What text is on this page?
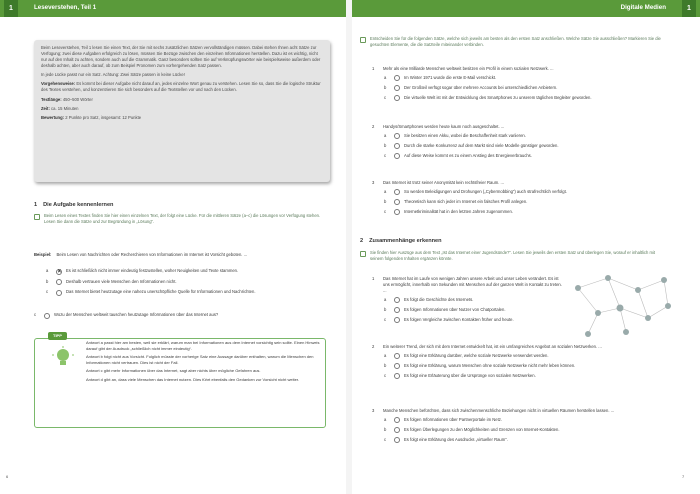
Leseverstehen, Teil 1
1	Digitale Medien	1

Beim Leseverstehen, Teil 1 lesen Sie einen Text, der Sie mit sechs zusätzlichen Sätzen vervollständigen müssen. Dabei stehen Ihnen acht Sätze zur Verfügung; zwei diese Aufgaben erfolgreich zu lösen, müssen Sie Bezüge zwischen den einzelnen Informationen herstellen. Dazu ist es wichtig, nicht nur auf den Inhalt zu achten, sondern auch auf die Grammatik. Ganz besonders sollten Sie auf Verknüpfungswörter wie beispielsweise außerdem oder deshalb achten, aber auch darauf, ob zum Beispiel Pronomen zum vorhergehenden Satz passen.

In jede Lücke passt nur ein Satz. Achtung: Zwei Sätze passen in keine Lücke!

Vorgehensweise: Es kommt bei dieser Aufgabe nicht darauf an, jedes einzelne Wort genau zu verstehen. Lesen Sie so, dass Sie die logische Struktur des Textes verstehen, und konzentrieren Sie sich besonders auf die Textstellen vor und nach den Lücken.

Textlänge: 450–500 Wörter

Zeit: ca. 15 Minuten

Bewertung: 2 Punkte pro Satz, insgesamt: 12 Punkte

1 Die Aufgabe kennenlernen
Beim Lesen eines Textes finden Sie hier einen einzelnen Text, der folgt eine Lücke. Für die mittleren Sätze (a–c) die Lösungen vor Verfügung stehen. Lesen Sie dann die Sätze und zur Begründung in „Lösung“.
Beispiel: Beim Lesen von Nachrichten oder Recherchieren von Informationen im Internet ist Vorsicht geboten. ...
a
×	Es ist schließlich nicht immer eindeutig festzustellen, woher Neuigkeiten und Texte stammen.
b	Deshalb vertrauen viele Menschen den Informationen nicht.
c	Das Internet bietet heutzutage eine nahezu unerschöpfliche Quelle für Informationen und Nachrichten.
c	Wozu der Menschen weltweit tauschen heutzutage Informationen über das Internet aus?
TIPP

Antwort a passt hier am besten, weil sie erklärt, warum man bei Informationen aus dem Internet vorsichtig sein sollte. Einen Hinweis darauf gibt der Ausdruck „schließlich nicht immer eindeutig“.

Antwort b folgt nicht aus Vorsicht. Folglich müsste der vorherige Satz eine Aussage darüber enthalten, warum die Menschen den Informationen nicht vertrauen. Dies ist nicht der Fall.

Antwort c gibt mehr Informationen über das Internet, sagt aber nichts über mögliche Gefahren aus.

Antwort d gibt an, dass viele Menschen das Internet nutzen. Dies führt ebenfalls den Gedanken zur Vorsicht nicht weiter.

6	7
Entscheiden Sie für die folgenden Sätze, welche sich jeweils am besten als den ersten Satz anschließen. Welche Sätze Sie ausschließen? Markieren Sie die gesuchten Elemente, die die Satzteile miteinander verbinden.
1	Mehr als eine Milliarde Menschen weltweit besitzen ein Profil in einem sozialen Netzwerk. ...
a	Im Winter 1971 wurde die erste E-Mail verschickt.
b	Der Großteil verfügt sogar über mehrere Accounts bei unterschiedlichen Anbietern.
c	Die virtuelle Welt ist mit der Entwicklung des Smartphones zu unserem täglichen Begleiter geworden.
2	Handys/Smartphones werden heute kaum noch ausgeschaltet. ...
a	Sie besitzen einen Akku, wobei die Beschaffenheit stark variieren.
b	Durch die starke Konkurrenz auf dem Markt sind viele Modelle günstiger geworden.
c	Auf diese Weise kommt es zu einem Anstieg des Energieverbrauchs.
3	Das Internet ist trotz seiner Anonymität kein rechtsfreier Raum. ...
a	So werden Beleidigungen und Drohungen („Cybermobbing“) auch strafrechtlich verfolgt.
b	Theoretisch kann sich jeder im Internet ein falsches Profil anlegen.
c	Internetkriminalität hat in den letzten Jahren zugenommen.
2 Zusammenhänge erkennen
Sie finden hier Auszüge aus dem Text „Ist das Internet einer Jugendsünde?“. Lesen Sie jeweils den ersten Satz und überlegen Sie, worauf er inhaltlich mit seinem folgenden Inhalten ergänzen könnte.
1	Das Internet hat im Laufe von wenigen Jahren unsere Arbeit und unser Leben verändert. Es ist uns ermöglicht, innerhalb von Sekunden mit Menschen auf der ganzen Welt in Kontakt zu treten. ...
a	Es folgt die Geschichte des Internets.
b	Es folgen Informationen über Nutzer von Chatportalen.
c	Es folgen Vergleiche zwischen Kontakten früher und heute.
2	Ein weiterer Trend, der sich mit dem Internet entwickelt hat, ist ein umfangreiches Angebot an sozialen Netzwerken. ...
a	Es folgt eine Erklärung darüber, welche soziale Netzwerke verwendet werden.
b	Es folgt eine Erklärung, warum Menschen ohne soziale Netzwerke nicht mehr leben können.
c	Es folgt eine Erläuterung über die Ursprünge von sozialen Netzwerken.
3	Manche Menschen befürchten, dass sich zwischenmenschliche Beziehungen nicht in virtuellen Räumen herstellen lassen. ...
a	Es folgen Informationen über Partnerportale im Netz.
b	Es folgen Überlegungen zu den Möglichkeiten und Grenzen von Internet-Kontakten.
c	Es folgt eine Erklärung des Ausdrucks „virtueller Raum“.
